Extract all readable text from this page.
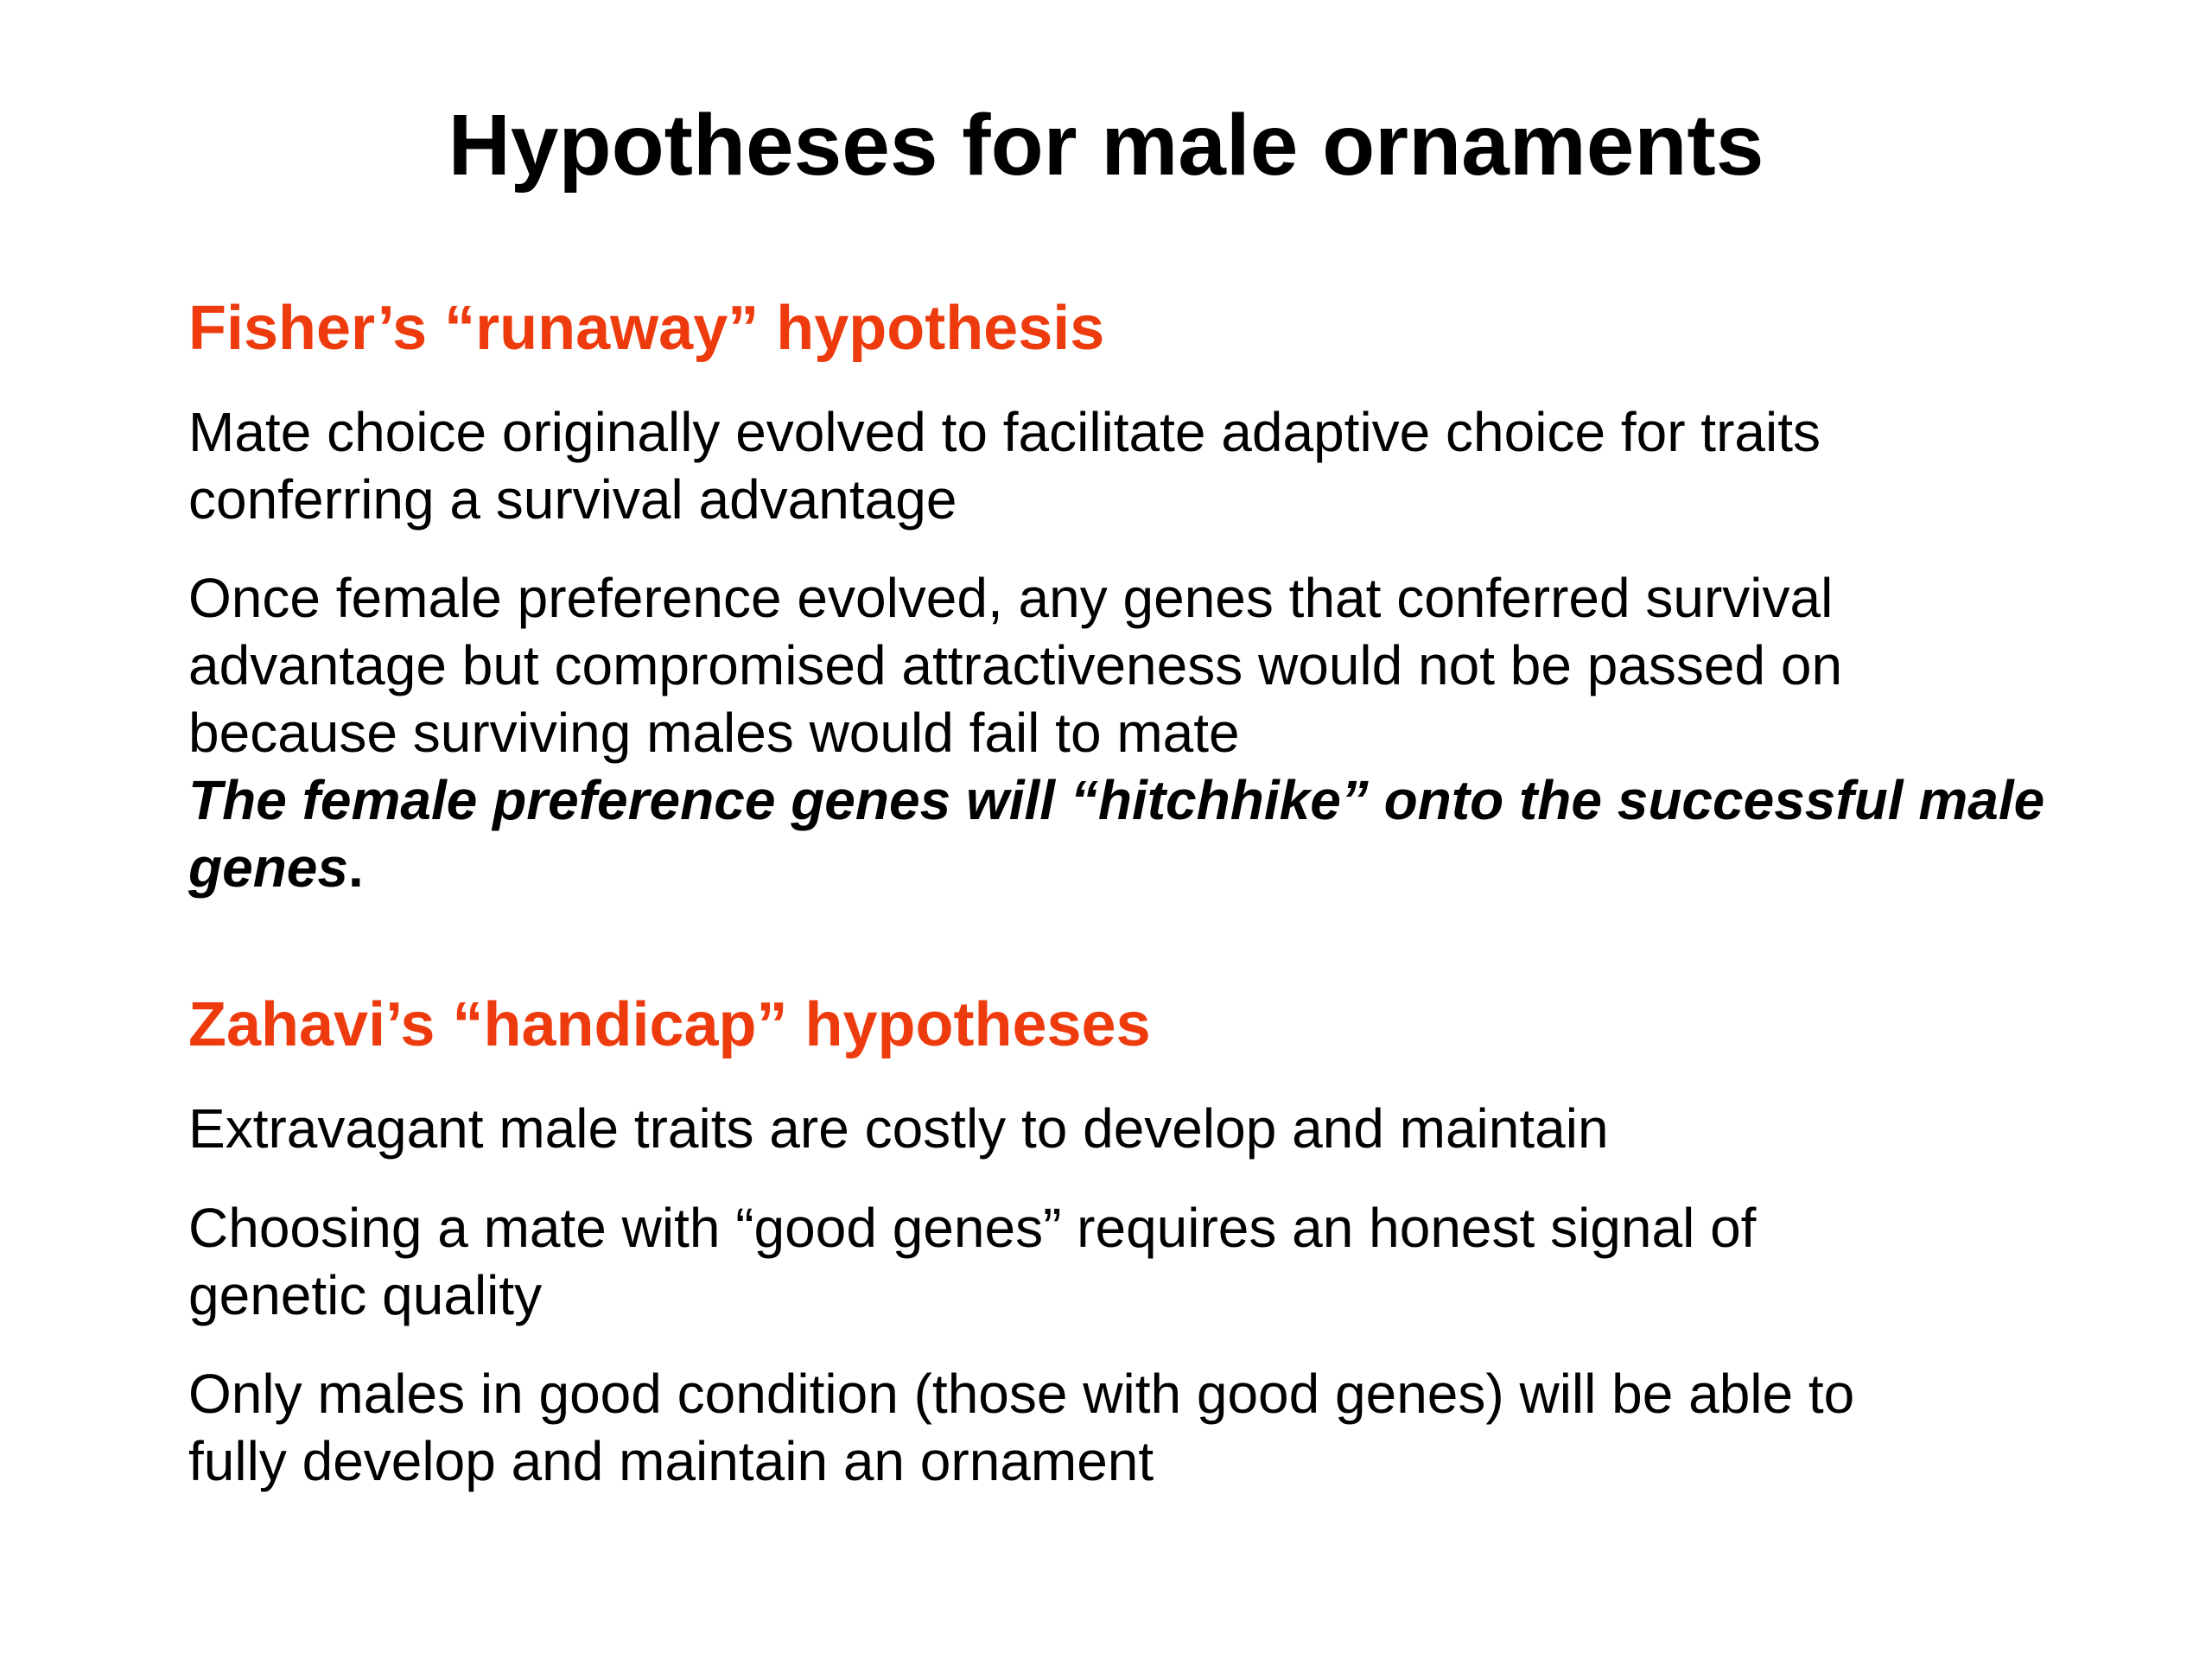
Hypotheses for male ornaments
Fisher’s “runaway” hypothesis

Mate choice originally evolved to facilitate adaptive choice for traits
conferring a survival advantage

Once female preference evolved, any genes that conferred survival
advantage but compromised attractiveness would not be passed on
because surviving males would fail to mate
The female preference genes will “hitchhike” onto the successful male
genes.

Zahavi’s “handicap” hypotheses

Extravagant male traits are costly to develop and maintain

Choosing a mate with “good genes” requires an honest signal of
genetic quality

Only males in good condition (those with good genes) will be able to
fully develop and maintain an ornament
